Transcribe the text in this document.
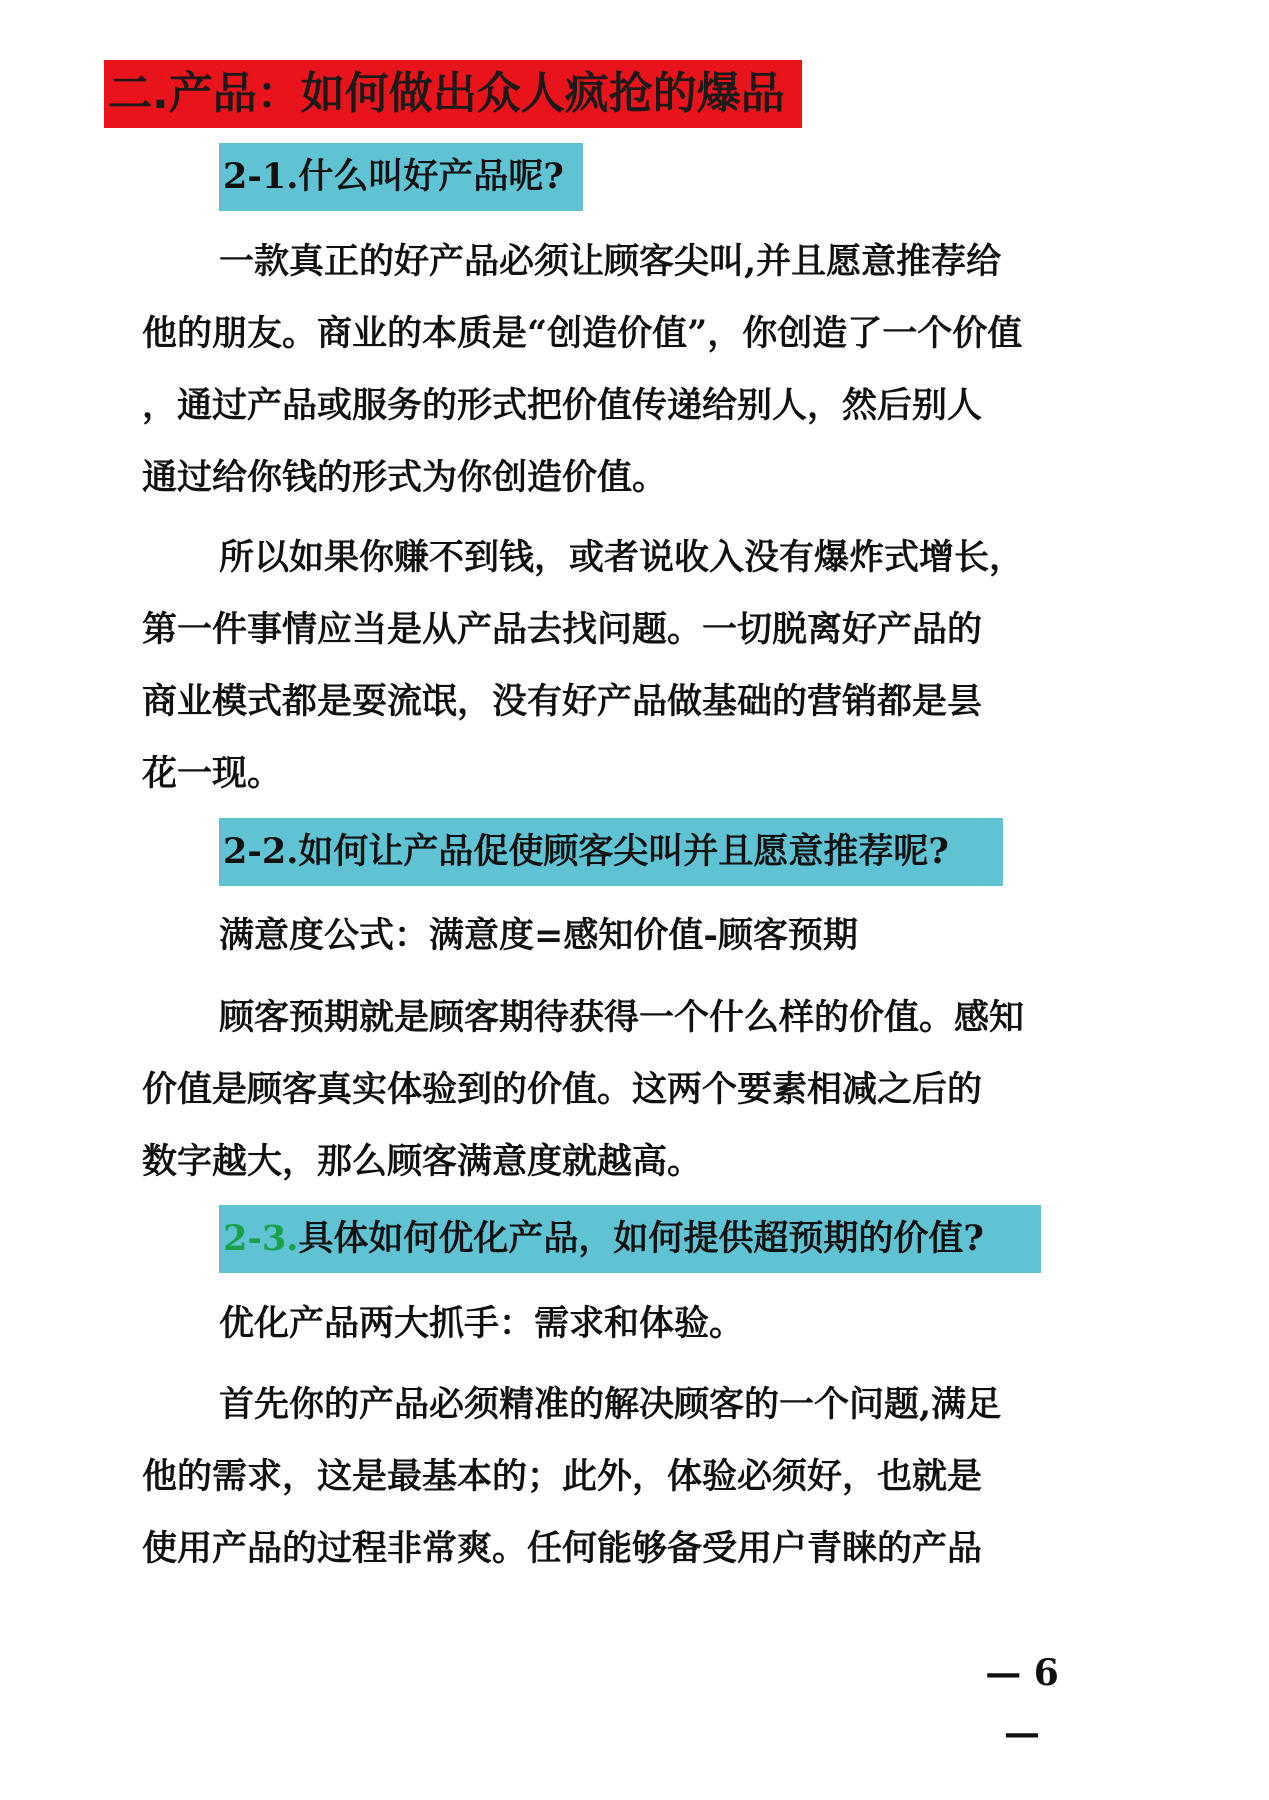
二.产品：如何做出众人疯抢的爆品
2-1.什么叫好产品呢?
一款真正的好产品必须让顾客尖叫,并且愿意推荐给
他的朋友。商业的本质是“创造价值”，你创造了一个价值
，通过产品或服务的形式把价值传递给别人，然后别人
通过给你钱的形式为你创造价值。
所以如果你赚不到钱，或者说收入没有爆炸式增长，
第一件事情应当是从产品去找问题。一切脱离好产品的
商业模式都是耍流氓，没有好产品做基础的营销都是昙
花一现。
2-2.如何让产品促使顾客尖叫并且愿意推荐呢?
满意度公式：满意度=感知价值-顾客预期
顾客预期就是顾客期待获得一个什么样的价值。感知
价值是顾客真实体验到的价值。这两个要素相减之后的
数字越大，那么顾客满意度就越高。
2-3.具体如何优化产品，如何提供超预期的价值?
优化产品两大抓手：需求和体验。
首先你的产品必须精准的解决顾客的一个问题,满足
他的需求，这是最基本的；此外，体验必须好，也就是
使用产品的过程非常爽。任何能够备受用户青睐的产品
— 6 —
